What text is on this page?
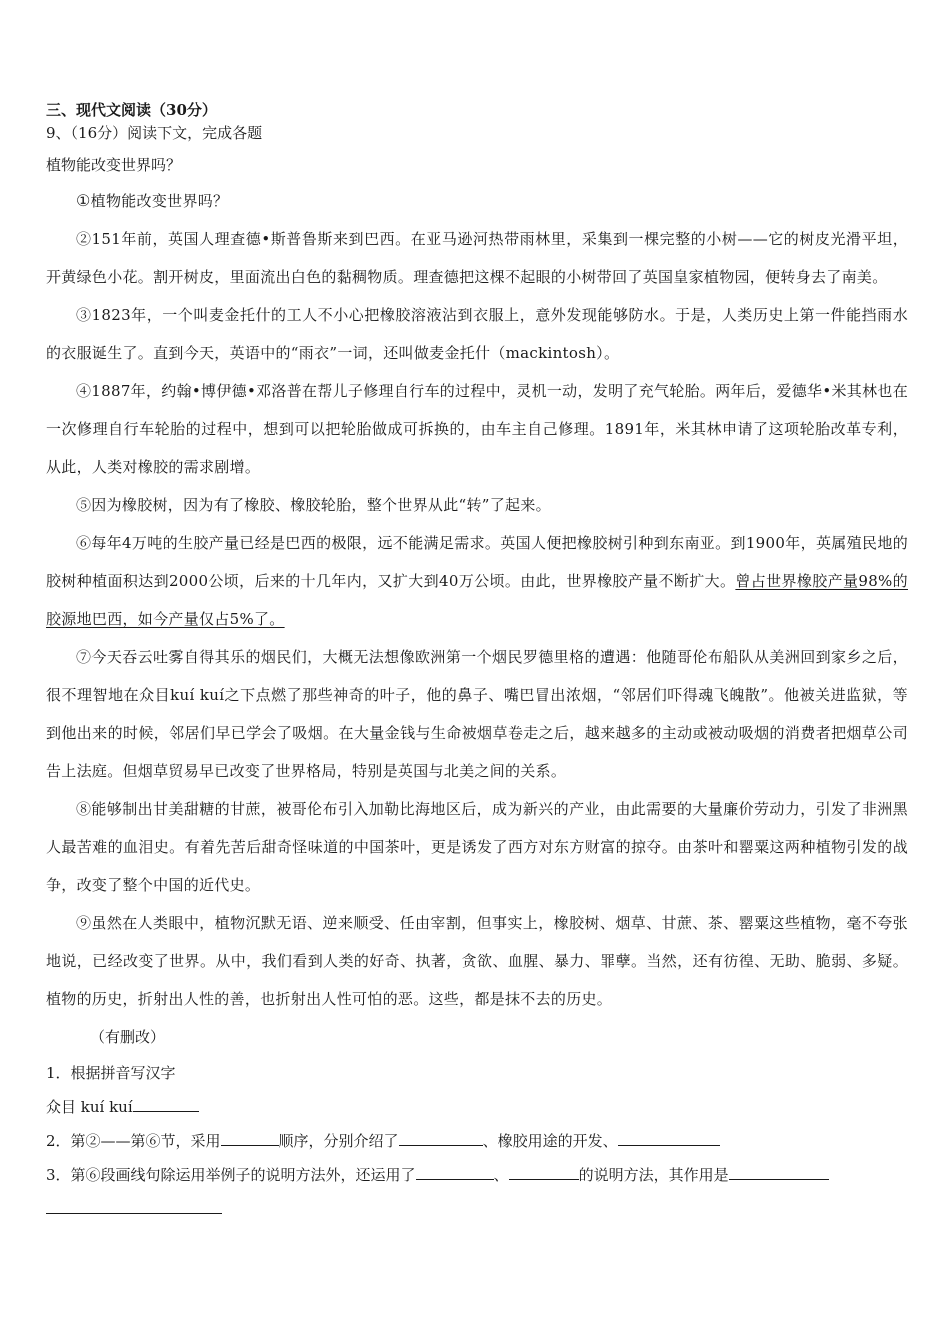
三、现代文阅读（30分）
9、（16分）阅读下文，完成各题
植物能改变世界吗？

①植物能改变世界吗？

②151年前，英国人理查德•斯普鲁斯来到巴西。在亚马逊河热带雨林里，采集到一棵完整的小树——它的树皮光滑平坦，开黄绿色小花。割开树皮，里面流出白色的黏稠物质。理查德把这棵不起眼的小树带回了英国皇家植物园，便转身去了南美。

③1823年，一个叫麦金托什的工人不小心把橡胶溶液沾到衣服上，意外发现能够防水。于是，人类历史上第一件能挡雨水的衣服诞生了。直到今天，英语中的“雨衣”一词，还叫做麦金托什（mackintosh）。

④1887年，约翰•博伊德•邓洛普在帮儿子修理自行车的过程中，灵机一动，发明了充气轮胎。两年后，爱德华•米其林也在一次修理自行车轮胎的过程中，想到可以把轮胎做成可拆换的，由车主自己修理。1891年，米其林申请了这项轮胎改革专利，从此，人类对橡胶的需求剧增。

⑤因为橡胶树，因为有了橡胶、橡胶轮胎，整个世界从此“转”了起来。

⑥每年4万吨的生胶产量已经是巴西的极限，远不能满足需求。英国人便把橡胶树引种到东南亚。到1900年，英属殖民地的胶树种植面积达到2000公顷，后来的十几年内，又扩大到40万公顷。由此，世界橡胶产量不断扩大。曾占世界橡胶产量98%的胶源地巴西，如今产量仅占5%了。

⑦今天吞云吐雾自得其乐的烟民们，大概无法想像欧洲第一个烟民罗德里格的遭遇：他随哥伦布船队从美洲回到家乡之后，很不理智地在众目kuí kuí之下点燃了那些神奇的叶子，他的鼻子、嘴巴冒出浓烟，“邻居们吓得魂飞魄散”。他被关进监狱，等到他出来的时候，邻居们早已学会了吸烟。在大量金钱与生命被烟草卷走之后，越来越多的主动或被动吸烟的消费者把烟草公司告上法庭。但烟草贸易早已改变了世界格局，特别是英国与北美之间的关系。

⑧能够制出甘美甜糖的甘蔗，被哥伦布引入加勒比海地区后，成为新兴的产业，由此需要的大量廉价劳动力，引发了非洲黑人最苦难的血泪史。有着先苦后甜奇怪味道的中国茶叶，更是诱发了西方对东方财富的掠夺。由茶叶和罂粟这两种植物引发的战争，改变了整个中国的近代史。

⑨虽然在人类眼中，植物沉默无语、逆来顺受、任由宰割，但事实上，橡胶树、烟草、甘蔗、茶、罂粟这些植物，毫不夸张地说，已经改变了世界。从中，我们看到人类的好奇、执著，贪欲、血腥、暴力、罪孽。当然，还有彷徨、无助、脆弱、多疑。植物的历史，折射出人性的善，也折射出人性可怕的恶。这些，都是抹不去的历史。

（有删改）
1．根据拼音写汉字
众目 kuí kuí
2．第②——第⑥节，采用	顺序，分别介绍了	、橡胶用途的开发、
3．第⑥段画线句除运用举例子的说明方法外，还运用了	、	的说明方法，其作用是
